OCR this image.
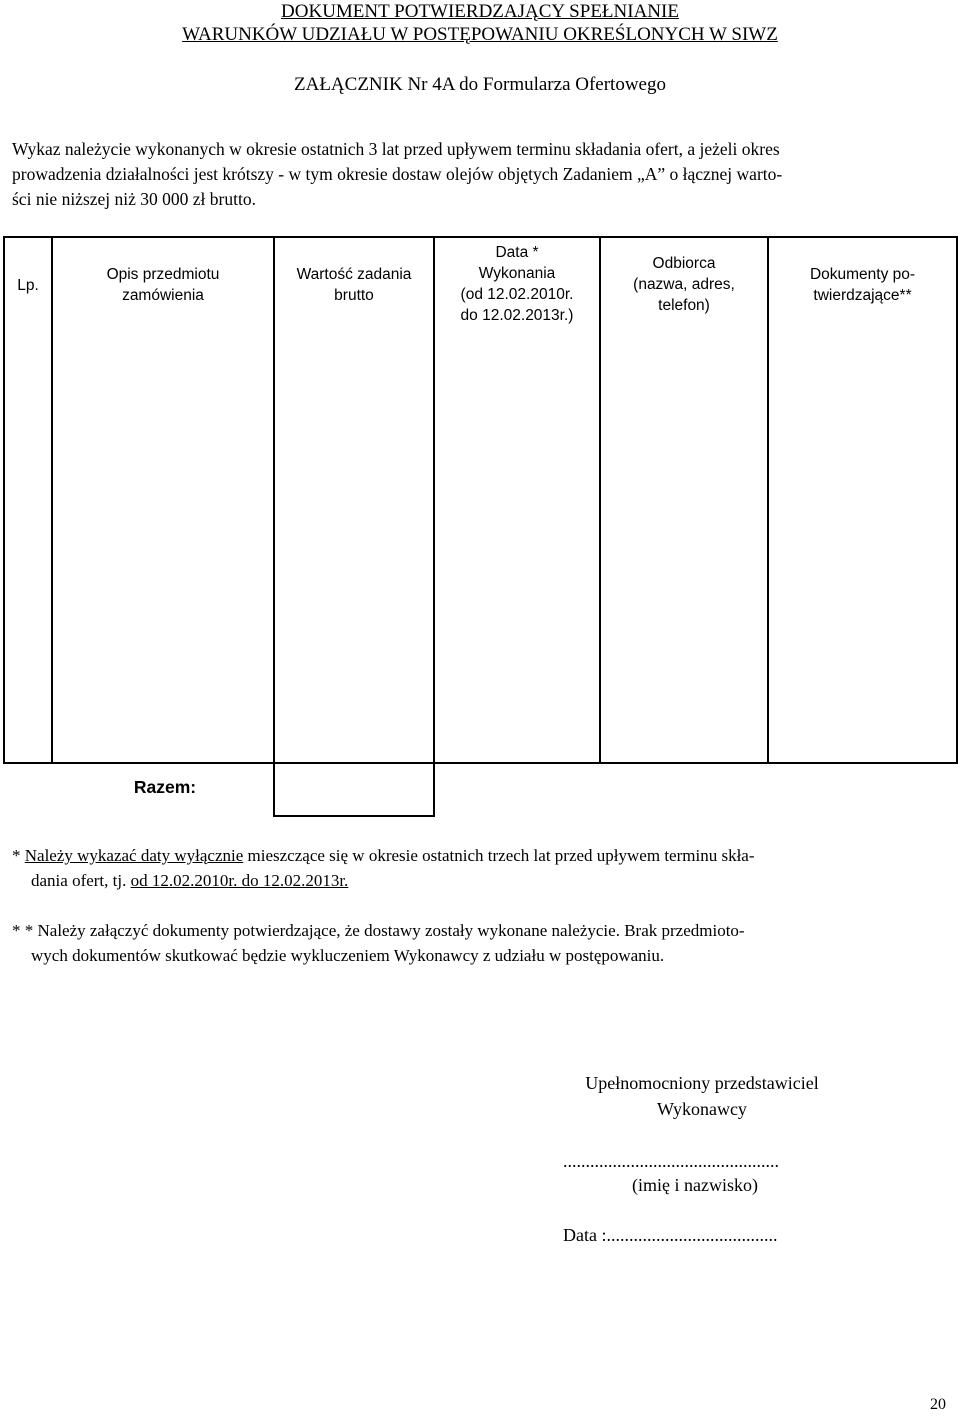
DOKUMENT POTWIERDZAJĄCY SPEŁNIANIE
WARUNKÓW UDZIAŁU W POSTĘPOWANIU OKREŚLONYCH W SIWZ
ZAŁĄCZNIK Nr 4A do Formularza Ofertowego
Wykaz należycie wykonanych w okresie ostatnich 3 lat przed upływem terminu składania ofert, a jeżeli okres
prowadzenia działalności jest krótszy - w tym okresie dostaw olejów objętych Zadaniem „A” o łącznej warto-
ści nie niższej niż 30 000 zł brutto.
Lp.
Opis przedmiotu
zamówienia
Wartość zadania
brutto
Data *
Wykonania
(od 12.02.2010r.
do 12.02.2013r.)
Odbiorca
(nazwa, adres,
telefon)
Dokumenty po-
twierdzające**
Razem:
* Należy wykazać daty wyłącznie mieszczące się w okresie ostatnich trzech lat przed upływem terminu skła-
dania ofert, tj. od 12.02.2010r. do 12.02.2013r.
* * Należy załączyć dokumenty potwierdzające, że dostawy zostały wykonane należycie. Brak przedmioto-
wych dokumentów skutkować będzie wykluczeniem Wykonawcy z udziału w postępowaniu.
Upełnomocniony przedstawiciel
Wykonawcy
................................................
(imię i nazwisko)
Data :......................................
20
